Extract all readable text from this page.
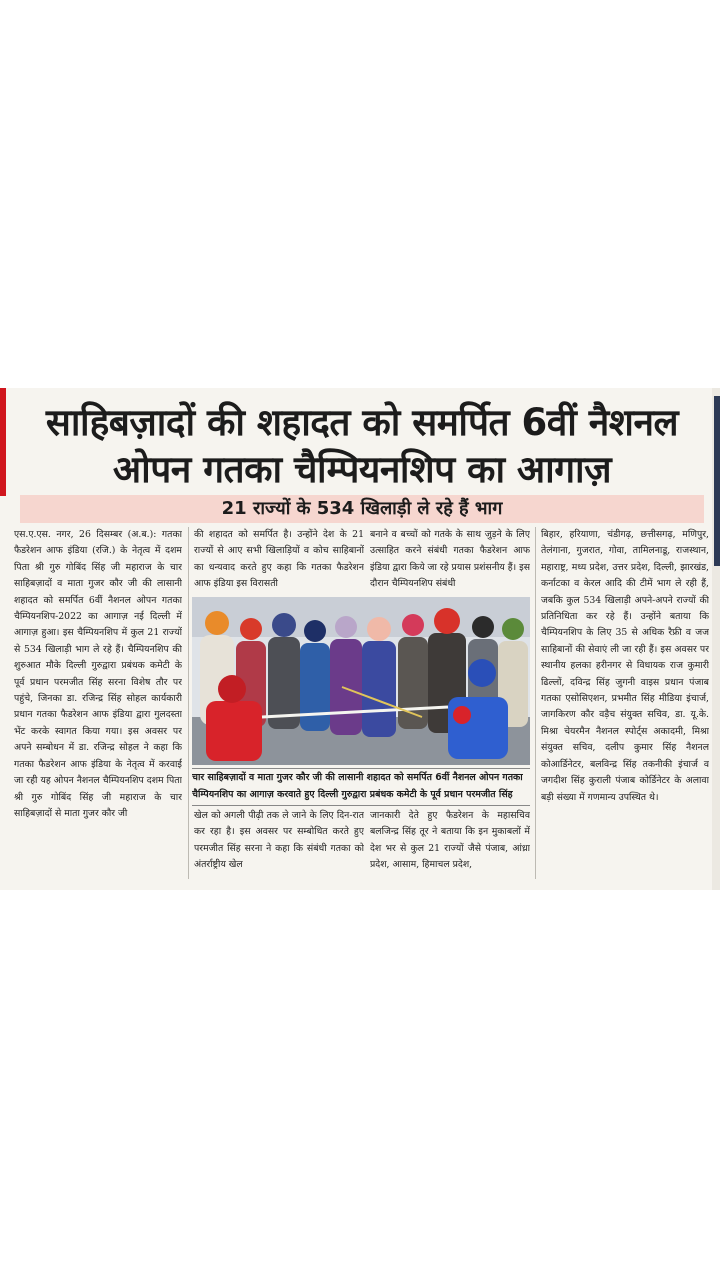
साहिबज़ादों की शहादत को समर्पित 6वीं नैशनल
ओपन गतका चैम्पियनशिप का आगाज़
21 राज्यों के 534 खिलाड़ी ले रहे हैं भाग

एस.ए.एस. नगर, 26 दिसम्बर (अ.ब.): गतका फैडरेशन आफ इंडिया (रजि.) के नेतृत्व में दशम पिता श्री गुरु गोबिंद सिंह जी महाराज के चार साहिबज़ादों व माता गुजर कौर जी की लासानी शहादत को समर्पित 6वीं नैशनल ओपन गतका चैम्पियनशिप-2022 का आगाज़ नई दिल्ली में आगाज़ हुआ। इस चैम्पियनशिप में कुल 21 राज्यों से 534 खिलाड़ी भाग ले रहे हैं। चैम्पियनशिप की शुरुआत मौके दिल्ली गुरुद्वारा प्रबंधक कमेटी के पूर्व प्रधान परमजीत सिंह सरना विशेष तौर पर पहुंचे, जिनका डा. रजिन्द्र सिंह सोहल कार्यकारी प्रधान गतका फैडरेशन आफ इंडिया द्वारा गुलदस्ता भेंट करके स्वागत किया गया। इस अवसर पर अपने सम्बोधन में डा. रजिन्द्र सोहल ने कहा कि गतका फैडरेशन आफ इंडिया के नेतृत्व में करवाई जा रही यह ओपन नैशनल चैम्पियनशिप दशम पिता श्री गुरु गोबिंद सिंह जी महाराज के चार साहिबज़ादों से माता गुजर कौर जी

की शहादत को समर्पित है। उन्होंने देश के 21 राज्यों से आए सभी खिलाड़ियों व कोच साहिबानों का धन्यवाद करते हुए कहा कि गतका फैडरेशन आफ इंडिया इस विरासती

बनाने व बच्चों को गतके के साथ जुड़ने के लिए उत्साहित करने संबंधी गतका फैडरेशन आफ इंडिया द्वारा किये जा रहे प्रयास प्रशंसनीय हैं। इस दौरान चैम्पियनशिप संबंधी

चार साहिबज़ादों व माता गुजर कौर जी की लासानी शहादत को समर्पित 6वीं नैशनल ओपन गतका चैम्पियनशिप का आगाज़ करवाते हुए दिल्ली गुरुद्वारा प्रबंधक कमेटी के पूर्व प्रधान परमजीत सिंह

खेल को अगली पीढ़ी तक ले जाने के लिए दिन-रात कर रहा है। इस अवसर पर सम्बोधित करते हुए परमजीत सिंह सरना ने कहा कि संबंधी गतका को अंतर्राष्ट्रीय खेल

जानकारी देते हुए फैडरेशन के महासचिव बलजिन्द्र सिंह तूर ने बताया कि इन मुकाबलों में देश भर से कुल 21 राज्यों जैसे पंजाब, आंध्रा प्रदेश, आसाम, हिमाचल प्रदेश,

बिहार, हरियाणा, चंडीगढ़, छत्तीसगढ़, मणिपुर, तेलंगाना, गुजरात, गोवा, तामिलनाडू, राजस्थान, महाराष्ट्र, मध्य प्रदेश, उत्तर प्रदेश, दिल्ली, झारखंड, कर्नाटका व केरल आदि की टीमें भाग ले रही हैं, जबकि कुल 534 खिलाड़ी अपने-अपने राज्यों की प्रतिनिधिता कर रहे हैं। उन्होंने बताया कि चैम्पियनशिप के लिए 35 से अधिक रैफ्री व जज साहिबानों की सेवाएं ली जा रही हैं। इस अवसर पर स्थानीय हलका हरीनगर से विधायक राज कुमारी ढिल्लों, दविन्द्र सिंह जुगनी वाइस प्रधान पंजाब गतका एसोसिएशन, प्रभमीत सिंह मीडिया इंचार्ज, जागकिरण कौर वड़ैच संयुक्त सचिव, डा. यू.के. मिश्रा चेयरमैन नैशनल स्पोर्ट्स अकादमी, मिश्रा संयुक्त सचिव, दलीप कुमार सिंह नैशनल कोआर्डिनेटर, बलविन्द्र सिंह तकनीकी इंचार्ज व जगदीश सिंह कुराली पंजाब कोर्डिनेटर के अलावा बड़ी संख्या में गणमान्य उपस्थित थे।
